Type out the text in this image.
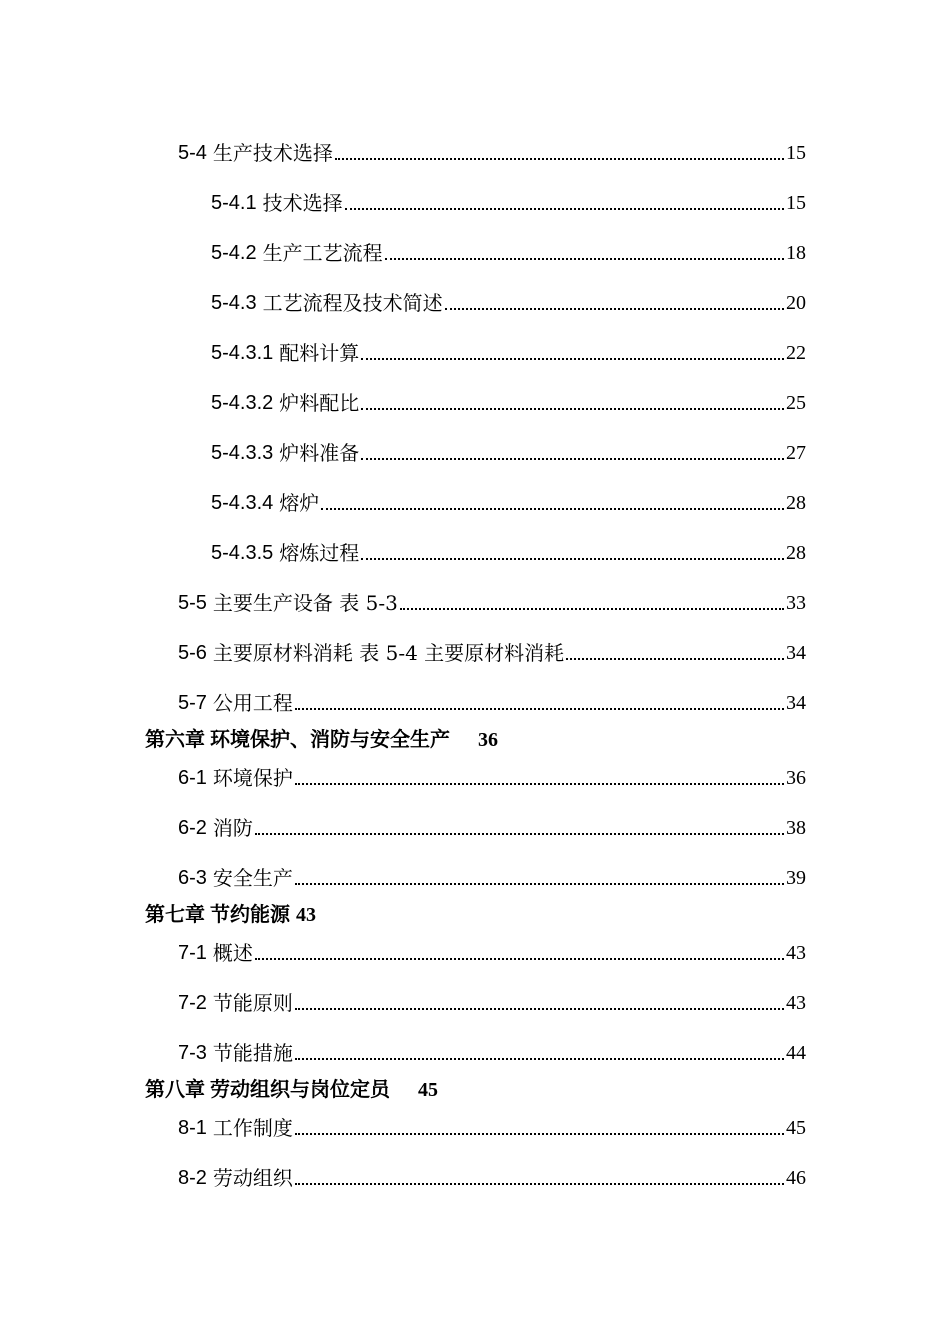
5-4 生产技术选择	15
5-4.1 技术选择	15
5-4.2 生产工艺流程	18
5-4.3 工艺流程及技术简述	20
5-4.3.1 配料计算	22
5-4.3.2 炉料配比	25
5-4.3.3 炉料准备	27
5-4.3.4 熔炉	28
5-4.3.5 熔炼过程	28
5-5 主要生产设备 表 5-3	33
5-6 主要原材料消耗 表 5-4 主要原材料消耗	34
5-7 公用工程	34
第六章 环境保护、消防与安全生产 36
6-1 环境保护	36
6-2 消防	38
6-3 安全生产	39
第七章 节约能源 43
7-1 概述	43
7-2 节能原则	43
7-3 节能措施	44
第八章 劳动组织与岗位定员 45
8-1 工作制度	45
8-2 劳动组织	46
